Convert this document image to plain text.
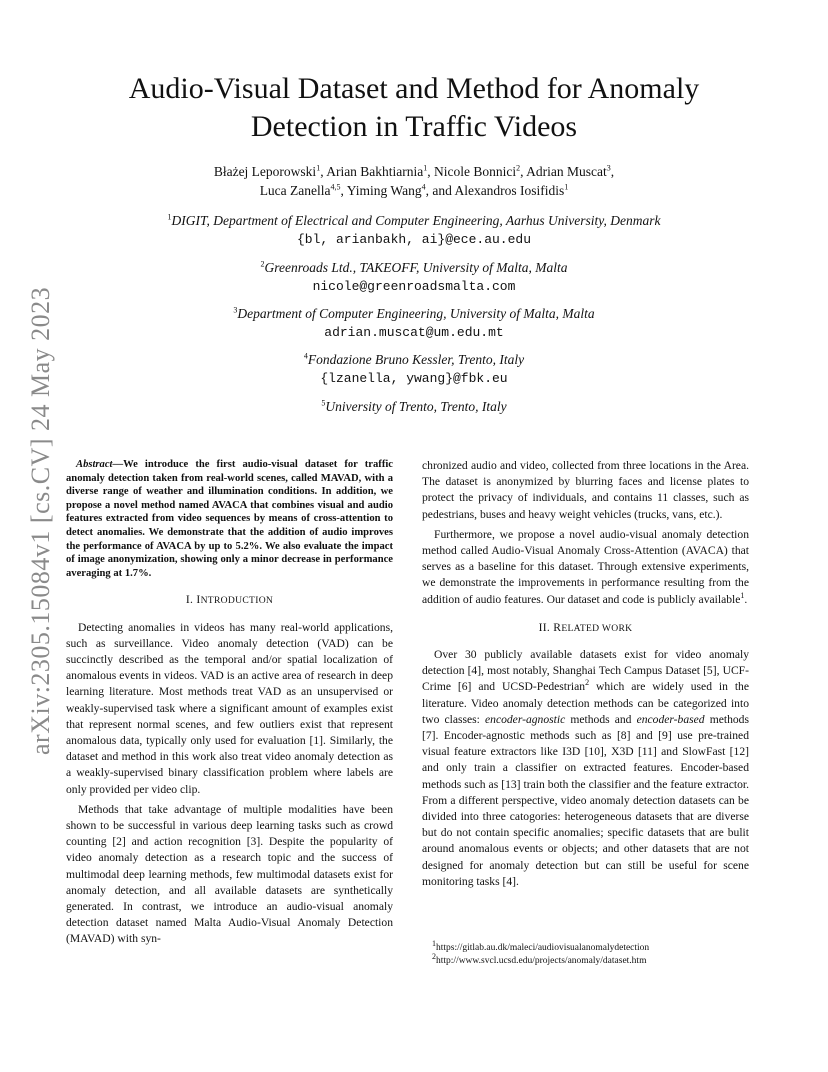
arXiv:2305.15084v1 [cs.CV] 24 May 2023
Audio-Visual Dataset and Method for Anomaly
Detection in Traffic Videos
Błażej Leporowski$^1$, Arian Bakhtiarnia$^1$, Nicole Bonnici$^2$, Adrian Muscat$^3$,
Luca Zanella$^{4,5}$, Yiming Wang$^4$, and Alexandros Iosifidis$^1$
$^1$DIGIT, Department of Electrical and Computer Engineering, Aarhus University, Denmark
{bl, arianbakh, ai}@ece.au.edu
$^2$Greenroads Ltd., TAKEOFF, University of Malta, Malta
nicole@greenroadsmalta.com
$^3$Department of Computer Engineering, University of Malta, Malta
adrian.muscat@um.edu.mt
$^4$Fondazione Bruno Kessler, Trento, Italy
{lzanella, ywang}@fbk.eu
$^5$University of Trento, Trento, Italy

Abstract—We introduce the first audio-visual dataset for traffic anomaly detection taken from real-world scenes, called MAVAD, with a diverse range of weather and illumination conditions. In addition, we propose a novel method named AVACA that combines visual and audio features extracted from video sequences by means of cross-attention to detect anomalies. We demonstrate that the addition of audio improves the performance of AVACA by up to 5.2%. We also evaluate the impact of image anonymization, showing only a minor decrease in performance averaging at 1.7%.

I. INTRODUCTION

Detecting anomalies in videos has many real-world applications, such as surveillance. Video anomaly detection (VAD) can be succinctly described as the temporal and/or spatial localization of anomalous events in videos. VAD is an active area of research in deep learning literature. Most methods treat VAD as an unsupervised or weakly-supervised task where a significant amount of examples exist that represent normal scenes, and few outliers exist that represent anomalous data, typically only used for evaluation [1]. Similarly, the dataset and method in this work also treat video anomaly detection as a weakly-supervised binary classification problem where labels are only provided per video clip.

Methods that take advantage of multiple modalities have been shown to be successful in various deep learning tasks such as crowd counting [2] and action recognition [3]. Despite the popularity of video anomaly detection as a research topic and the success of multimodal deep learning methods, few multimodal datasets exist for anomaly detection, and all available datasets are synthetically generated. In contrast, we introduce an audio-visual anomaly detection dataset named Malta Audio-Visual Anomaly Detection (MAVAD) with syn-

chronized audio and video, collected from three locations in the Area. The dataset is anonymized by blurring faces and license plates to protect the privacy of individuals, and contains 11 classes, such as pedestrians, buses and heavy weight vehicles (trucks, vans, etc.).

Furthermore, we propose a novel audio-visual anomaly detection method called Audio-Visual Anomaly Cross-Attention (AVACA) that serves as a baseline for this dataset. Through extensive experiments, we demonstrate the improvements in performance resulting from the addition of audio features. Our dataset and code is publicly available$^1$.

II. RELATED WORK

Over 30 publicly available datasets exist for video anomaly detection [4], most notably, Shanghai Tech Campus Dataset [5], UCF-Crime [6] and UCSD-Pedestrian$^2$ which are widely used in the literature. Video anomaly detection methods can be categorized into two classes: encoder-agnostic methods and encoder-based methods [7]. Encoder-agnostic methods such as [8] and [9] use pre-trained visual feature extractors like I3D [10], X3D [11] and SlowFast [12] and only train a classifier on extracted features. Encoder-based methods such as [13] train both the classifier and the feature extractor. From a different perspective, video anomaly detection datasets can be divided into three catogories: heterogeneous datasets that are diverse but do not contain specific anomalies; specific datasets that are bulit around anomalous events or objects; and other datasets that are not designed for anomaly detection but can still be useful for scene monitoring tasks [4].

$^1$https://gitlab.au.dk/maleci/audiovisualanomalydetection
$^2$http://www.svcl.ucsd.edu/projects/anomaly/dataset.htm
